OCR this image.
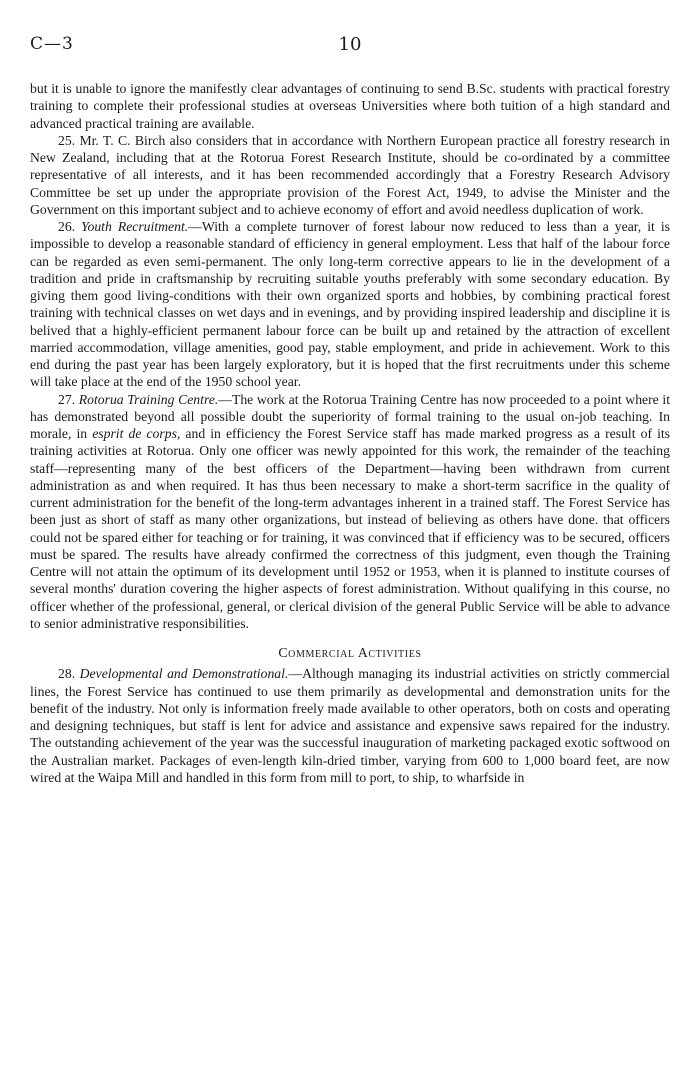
10
C—3

but it is unable to ignore the manifestly clear advantages of continuing to send B.Sc. students with practical forestry training to complete their professional studies at overseas Universities where both tuition of a high standard and advanced practical training are available.

25. Mr. T. C. Birch also considers that in accordance with Northern European practice all forestry research in New Zealand, including that at the Rotorua Forest Research Institute, should be co-ordinated by a committee representative of all interests, and it has been recommended accordingly that a Forestry Research Advisory Committee be set up under the appropriate provision of the Forest Act, 1949, to advise the Minister and the Government on this important subject and to achieve economy of effort and avoid needless duplication of work.

26. Youth Recruitment.—With a complete turnover of forest labour now reduced to less than a year, it is impossible to develop a reasonable standard of efficiency in general employment. Less that half of the labour force can be regarded as even semi-permanent. The only long-term corrective appears to lie in the development of a tradition and pride in craftsmanship by recruiting suitable youths preferably with some secondary education. By giving them good living-conditions with their own organized sports and hobbies, by combining practical forest training with technical classes on wet days and in evenings, and by providing inspired leadership and discipline it is belived that a highly-efficient permanent labour force can be built up and retained by the attraction of excellent married accommodation, village amenities, good pay, stable employment, and pride in achievement. Work to this end during the past year has been largely exploratory, but it is hoped that the first recruitments under this scheme will take place at the end of the 1950 school year.

27. Rotorua Training Centre.—The work at the Rotorua Training Centre has now proceeded to a point where it has demonstrated beyond all possible doubt the superiority of formal training to the usual on-job teaching. In morale, in esprit de corps, and in efficiency the Forest Service staff has made marked progress as a result of its training activities at Rotorua. Only one officer was newly appointed for this work, the remainder of the teaching staff—representing many of the best officers of the Department—having been withdrawn from current administration as and when required. It has thus been necessary to make a short-term sacrifice in the quality of current administration for the benefit of the long-term advantages inherent in a trained staff. The Forest Service has been just as short of staff as many other organizations, but instead of believing as others have done. that officers could not be spared either for teaching or for training, it was convinced that if efficiency was to be secured, officers must be spared. The results have already confirmed the correctness of this judgment, even though the Training Centre will not attain the optimum of its development until 1952 or 1953, when it is planned to institute courses of several months' duration covering the higher aspects of forest administration. Without qualifying in this course, no officer whether of the professional, general, or clerical division of the general Public Service will be able to advance to senior administrative responsibilities.

Commercial Activities

28. Developmental and Demonstrational.—Although managing its industrial activities on strictly commercial lines, the Forest Service has continued to use them primarily as developmental and demonstration units for the benefit of the industry. Not only is information freely made available to other operators, both on costs and operating and designing techniques, but staff is lent for advice and assistance and expensive saws repaired for the industry. The outstanding achievement of the year was the successful inauguration of marketing packaged exotic softwood on the Australian market. Packages of even-length kiln-dried timber, varying from 600 to 1,000 board feet, are now wired at the Waipa Mill and handled in this form from mill to port, to ship, to wharfside in
